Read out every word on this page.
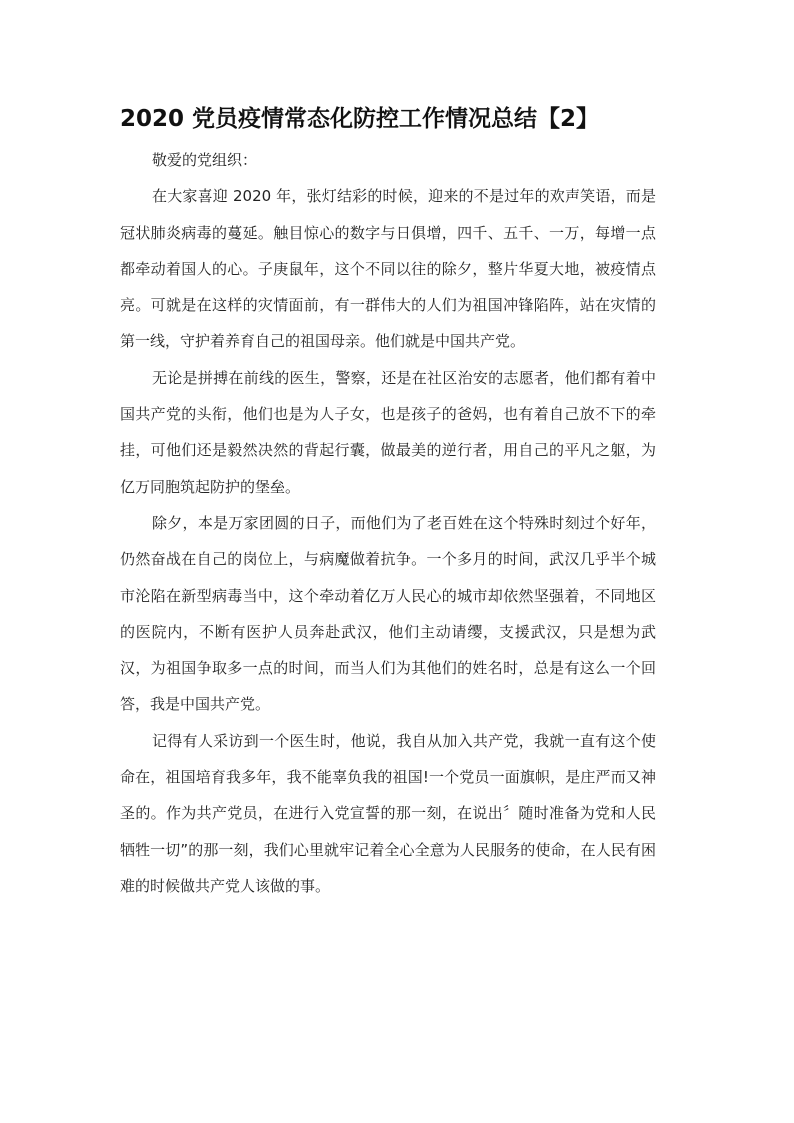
2020 党员疫情常态化防控工作情况总结【2】

敬爱的党组织：

在大家喜迎 2020 年，张灯结彩的时候，迎来的不是过年的欢声笑语，而是冠状肺炎病毒的蔓延。触目惊心的数字与日俱增，四千、五千、一万，每增一点都牵动着国人的心。子庚鼠年，这个不同以往的除夕，整片华夏大地，被疫情点亮。可就是在这样的灾情面前，有一群伟大的人们为祖国冲锋陷阵，站在灾情的第一线，守护着养育自己的祖国母亲。他们就是中国共产党。

无论是拼搏在前线的医生，警察，还是在社区治安的志愿者，他们都有着中国共产党的头衔，他们也是为人子女，也是孩子的爸妈，也有着自己放不下的牵挂，可他们还是毅然决然的背起行囊，做最美的逆行者，用自己的平凡之躯，为亿万同胞筑起防护的堡垒。

除夕，本是万家团圆的日子，而他们为了老百姓在这个特殊时刻过个好年，仍然奋战在自己的岗位上，与病魔做着抗争。一个多月的时间，武汉几乎半个城市沦陷在新型病毒当中，这个牵动着亿万人民心的城市却依然坚强着，不同地区的医院内，不断有医护人员奔赴武汉，他们主动请缨，支援武汉，只是想为武汉，为祖国争取多一点的时间，而当人们为其他们的姓名时，总是有这么一个回答，我是中国共产党。

记得有人采访到一个医生时，他说，我自从加入共产党，我就一直有这个使命在，祖国培育我多年，我不能辜负我的祖国!一个党员一面旗帜，是庄严而又神圣的。作为共产党员，在进行入党宣誓的那一刻，在说出〞随时准备为党和人民牺牲一切”的那一刻，我们心里就牢记着全心全意为人民服务的使命，在人民有困难的时候做共产党人该做的事。
